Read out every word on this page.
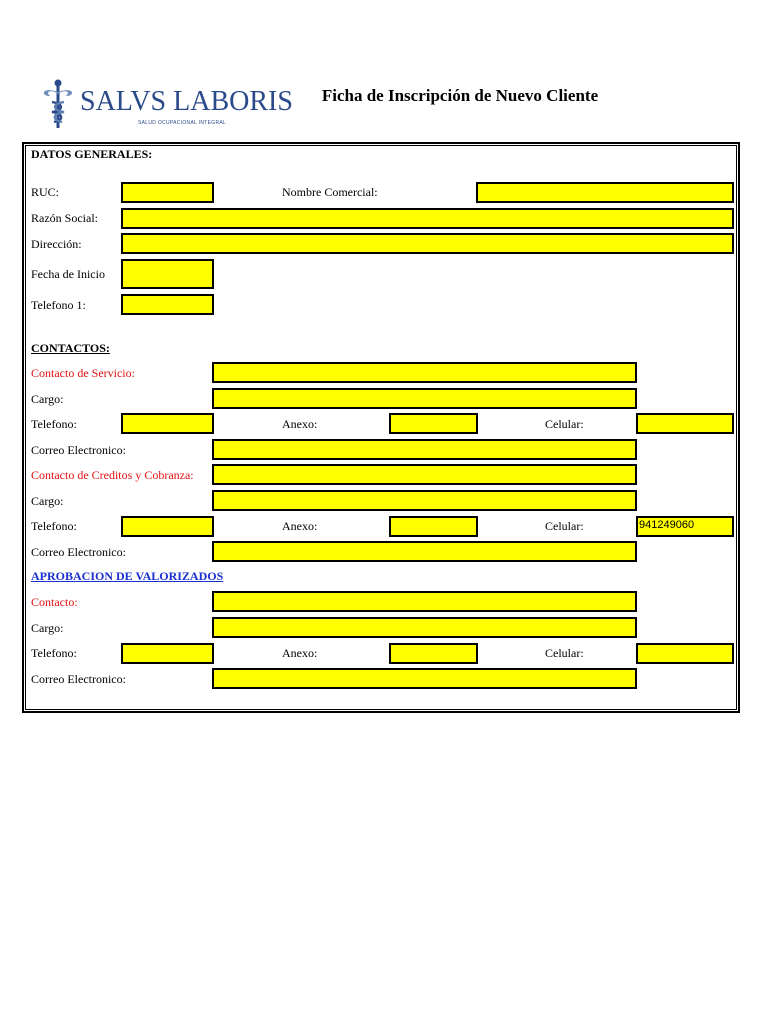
SALVS LABORIS
SALUD OCUPACIONAL INTEGRAL
Ficha de Inscripción de Nuevo Cliente
DATOS GENERALES:
RUC:	Nombre Comercial:
Razón Social:
Dirección:
Fecha de Inicio
Telefono 1:
CONTACTOS:
Contacto de Servicio:
Cargo:
Telefono:	Anexo:	Celular:
Correo Electronico:
Contacto de Creditos y Cobranza:
Cargo:
Telefono:	Anexo:	Celular:	941249060
Correo Electronico:
APROBACION DE VALORIZADOS
Contacto:
Cargo:
Telefono:	Anexo:	Celular:
Correo Electronico:
